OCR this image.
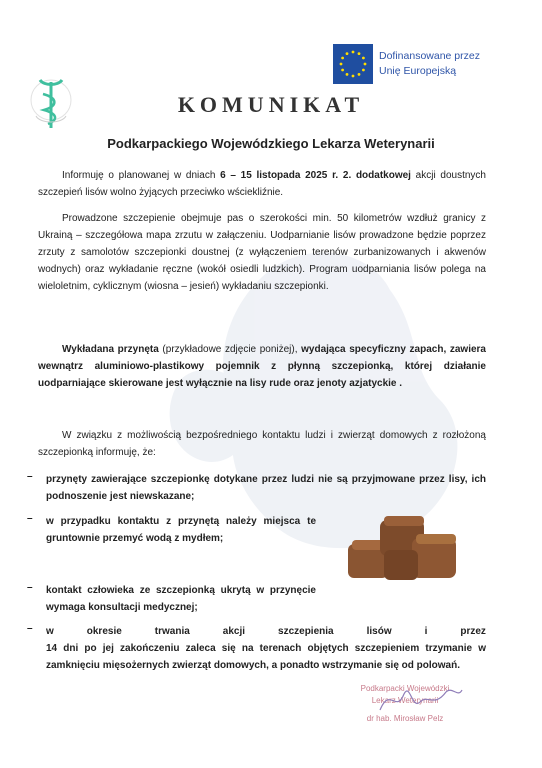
Dofinansowane przez
Unię Europejską
KOMUNIKAT
Podkarpackiego Wojewódzkiego Lekarza Weterynarii
Informuję o planowanej w dniach 6 – 15 listopada 2025 r. 2. dodatkowej akcji doustnych szczepień lisów wolno żyjących przeciwko wściekliźnie.
Prowadzone szczepienie obejmuje pas o szerokości min. 50 kilometrów wzdłuż granicy z Ukrainą – szczegółowa mapa zrzutu w załączeniu. Uodparnianie lisów prowadzone będzie poprzez zrzuty z samolotów szczepionki doustnej (z wyłączeniem terenów zurbanizowanych i akwenów wodnych) oraz wykładanie ręczne (wokół osiedli ludzkich). Program uodparniania lisów polega na wieloletnim, cyklicznym (wiosna – jesień) wykładaniu szczepionki.
Wykładana przynęta (przykładowe zdjęcie poniżej), wydająca specyficzny zapach, zawiera wewnątrz aluminiowo-plastikowy pojemnik z płynną szczepionką, której działanie uodparniające skierowane jest wyłącznie na lisy rude oraz jenoty azjatyckie .
W związku z możliwością bezpośredniego kontaktu ludzi i zwierząt domowych z rozłożoną szczepionką informuję, że:
– przynęty zawierające szczepionkę dotykane przez ludzi nie są przyjmowane przez lisy, ich podnoszenie jest niewskazane;
– w przypadku kontaktu z przynętą należy miejsca te gruntownie przemyć wodą z mydłem;
– kontakt człowieka ze szczepionką ukrytą w przynęcie wymaga konsultacji medycznej;
– w	okresie	trwania	akcji	szczepienia	lisów	i	przez
14 dni po jej zakończeniu zaleca się na terenach objętych szczepieniem trzymanie w zamknięciu mięsożernych zwierząt domowych, a ponadto wstrzymanie się od polowań.
Podkarpacki Wojewódzki
Lekarz Weterynarii
dr hab. Mirosław Pelz
